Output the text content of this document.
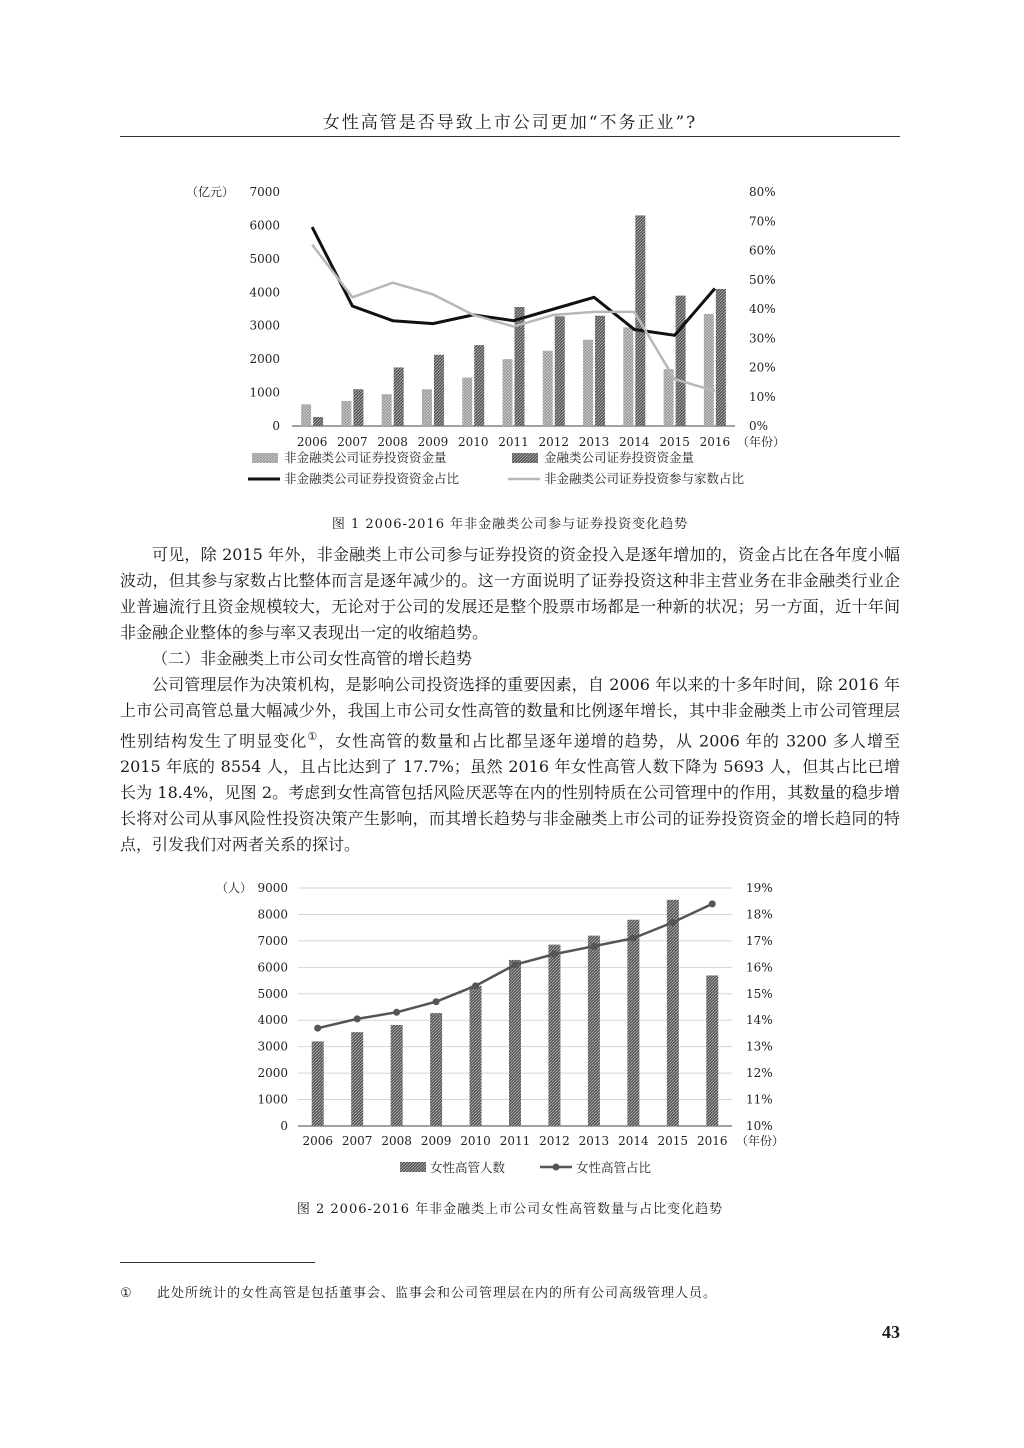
女性高管是否导致上市公司更加“不务正业”?
0
1000
2000
3000
4000
5000
6000
7000
（亿元）
0%
10%
20%
30%
40%
50%
60%
70%
80%
2006 2007 2008 2009 2010 2011 2012 2013 2014 2015 2016 （年份）
非金融类公司证券投资资金量	金融类公司证券投资资金量
非金融类公司证券投资资金占比	非金融类公司证券投资参与家数占比
图 1 2006-2016 年非金融类公司参与证券投资变化趋势

可见，除 2015 年外，非金融类上市公司参与证券投资的资金投入是逐年增加的，资金占比在各年度小幅波动，但其参与家数占比整体而言是逐年减少的。这一方面说明了证券投资这种非主营业务在非金融类行业企业普遍流行且资金规模较大，无论对于公司的发展还是整个股票市场都是一种新的状况；另一方面，近十年间非金融企业整体的参与率又表现出一定的收缩趋势。

（二）非金融类上市公司女性高管的增长趋势

公司管理层作为决策机构，是影响公司投资选择的重要因素，自 2006 年以来的十多年时间，除 2016 年上市公司高管总量大幅减少外，我国上市公司女性高管的数量和比例逐年增长，其中非金融类上市公司管理层性别结构发生了明显变化①，女性高管的数量和占比都呈逐年递增的趋势，从 2006 年的 3200 多人增至 2015 年底的 8554 人，且占比达到了 17.7%；虽然 2016 年女性高管人数下降为 5693 人，但其占比已增长为 18.4%，见图 2。考虑到女性高管包括风险厌恶等在内的性别特质在公司管理中的作用，其数量的稳步增长将对公司从事风险性投资决策产生影响，而其增长趋势与非金融类上市公司的证券投资资金的增长趋同的特点，引发我们对两者关系的探讨。

0
1000
2000
3000
4000
5000
6000
7000
8000
9000
（人）
10%
11%
12%
13%
14%
15%
16%
17%
18%
19%
2006 2007 2008 2009 2010 2011 2012 2013 2014 2015 2016 （年份）
女性高管人数	女性高管占比
图 2 2006-2016 年非金融类上市公司女性高管数量与占比变化趋势
① 此处所统计的女性高管是包括董事会、监事会和公司管理层在内的所有公司高级管理人员。
43
